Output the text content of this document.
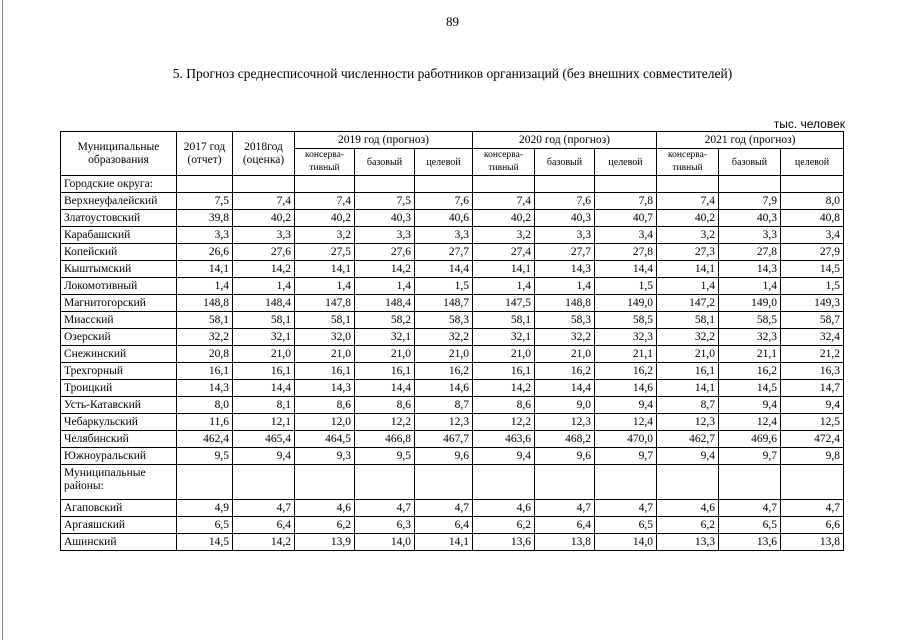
89
5. Прогноз среднесписочной численности работников организаций (без внешних совместителей)
тыс. человек
Муниципальные образования	2017 год (отчет)	2018год (оценка)	2019 год (прогноз)			2020 год (прогноз)			2021 год (прогноз)		
			консерва-тивный	базовый	целевой	консерва-тивный	базовый	целевой	консерва-тивный	базовый	целевой
Городские округа:											
Верхнеуфалейский	7,5	7,4	7,4	7,5	7,6	7,4	7,6	7,8	7,4	7,9	8,0
Златоустовский	39,8	40,2	40,2	40,3	40,6	40,2	40,3	40,7	40,2	40,3	40,8
Карабашский	3,3	3,3	3,2	3,3	3,3	3,2	3,3	3,4	3,2	3,3	3,4
Копейский	26,6	27,6	27,5	27,6	27,7	27,4	27,7	27,8	27,3	27,8	27,9
Кыштымский	14,1	14,2	14,1	14,2	14,4	14,1	14,3	14,4	14,1	14,3	14,5
Локомотивный	1,4	1,4	1,4	1,4	1,5	1,4	1,4	1,5	1,4	1,4	1,5
Магнитогорский	148,8	148,4	147,8	148,4	148,7	147,5	148,8	149,0	147,2	149,0	149,3
Миасский	58,1	58,1	58,1	58,2	58,3	58,1	58,3	58,5	58,1	58,5	58,7
Озерский	32,2	32,1	32,0	32,1	32,2	32,1	32,2	32,3	32,2	32,3	32,4
Снежинский	20,8	21,0	21,0	21,0	21,0	21,0	21,0	21,1	21,0	21,1	21,2
Трехгорный	16,1	16,1	16,1	16,1	16,2	16,1	16,2	16,2	16,1	16,2	16,3
Троицкий	14,3	14,4	14,3	14,4	14,6	14,2	14,4	14,6	14,1	14,5	14,7
Усть-Катавский	8,0	8,1	8,6	8,6	8,7	8,6	9,0	9,4	8,7	9,4	9,4
Чебаркульский	11,6	12,1	12,0	12,2	12,3	12,2	12,3	12,4	12,3	12,4	12,5
Челябинский	462,4	465,4	464,5	466,8	467,7	463,6	468,2	470,0	462,7	469,6	472,4
Южноуральский	9,5	9,4	9,3	9,5	9,6	9,4	9,6	9,7	9,4	9,7	9,8
Муниципальные районы:											
Агаповский	4,9	4,7	4,6	4,7	4,7	4,6	4,7	4,7	4,6	4,7	4,7
Аргаяшский	6,5	6,4	6,2	6,3	6,4	6,2	6,4	6,5	6,2	6,5	6,6
Ашинский	14,5	14,2	13,9	14,0	14,1	13,6	13,8	14,0	13,3	13,6	13,8
